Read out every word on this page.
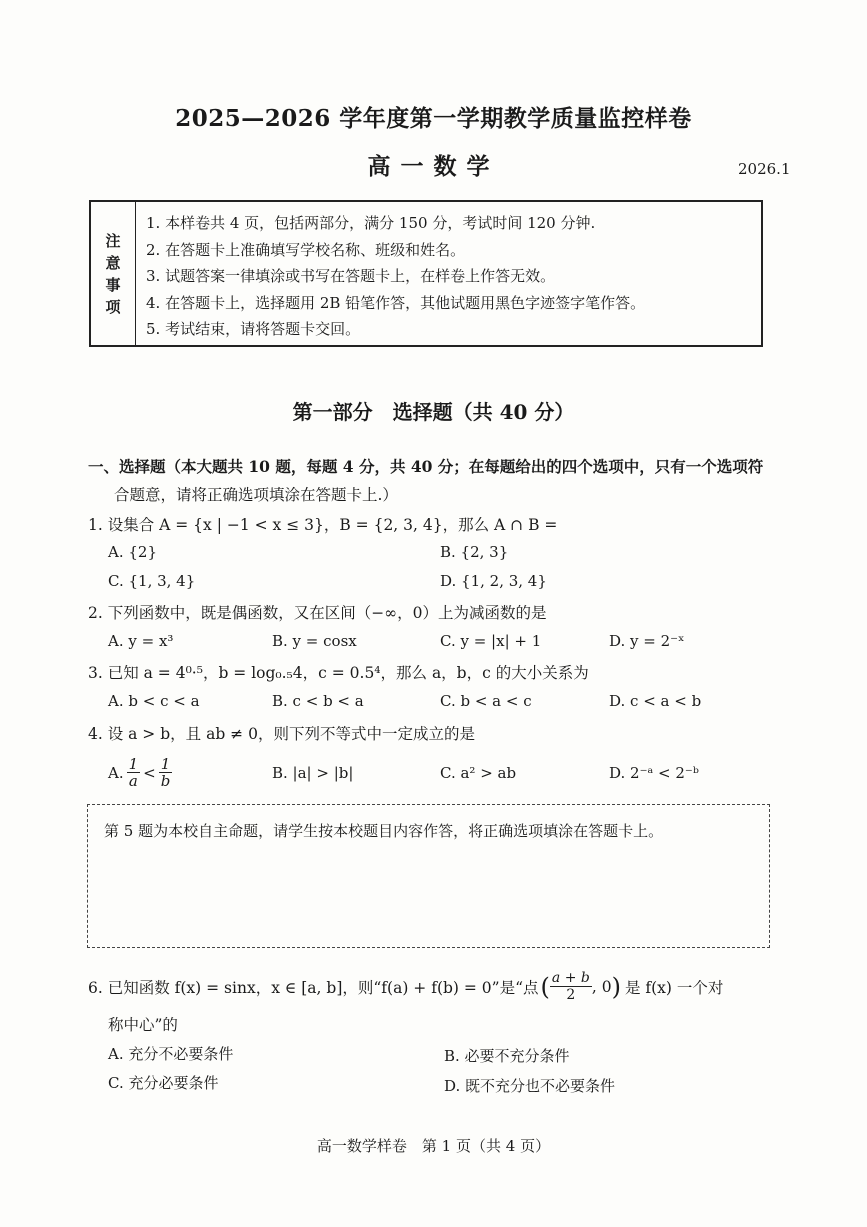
2025—2026 学年度第一学期教学质量监控样卷
高一数学	2026.1
注
意
事
项
1. 本样卷共 4 页，包括两部分，满分 150 分，考试时间 120 分钟.
2. 在答题卡上准确填写学校名称、班级和姓名。
3. 试题答案一律填涂或书写在答题卡上，在样卷上作答无效。
4. 在答题卡上，选择题用 2B 铅笔作答，其他试题用黑色字迹签字笔作答。
5. 考试结束，请将答题卡交回。
第一部分　选择题（共 40 分）
一、选择题（本大题共 10 题，每题 4 分，共 40 分；在每题给出的四个选项中，只有一个选项符
合题意，请将正确选项填涂在答题卡上.）
1. 设集合 A = {x | −1 < x ≤ 3}，B = {2, 3, 4}，那么 A ∩ B =
A. {2}	B. {2, 3}
C. {1, 3, 4}	D. {1, 2, 3, 4}
2. 下列函数中，既是偶函数，又在区间（−∞，0）上为减函数的是
A. y = x³	B. y = cosx	C. y = |x| + 1	D. y = 2⁻ˣ
3. 已知 a = 4⁰·⁵，b = log₀.₅4，c = 0.5⁴，那么 a，b，c 的大小关系为
A. b < c < a	B. c < b < a	C. b < a < c	D. c < a < b
4. 设 a > b，且 ab ≠ 0，则下列不等式中一定成立的是
A. $\frac{1}{a} < \frac{1}{b}$	B. |a| > |b|	C. a² > ab	D. 2⁻ᵃ < 2⁻ᵇ
第 5 题为本校自主命题，请学生按本校题目内容作答，将正确选项填涂在答题卡上。
6. 已知函数 f(x) = sinx，x ∈ [a, b]，则“f(a) + f(b) = 0”是“点 ( $\frac{a + b}{2}$ , 0 ) 是 f(x) 一个对
称中心”的
A. 充分不必要条件	B. 必要不充分条件
C. 充分必要条件	D. 既不充分也不必要条件
高一数学样卷　第 1 页（共 4 页）
